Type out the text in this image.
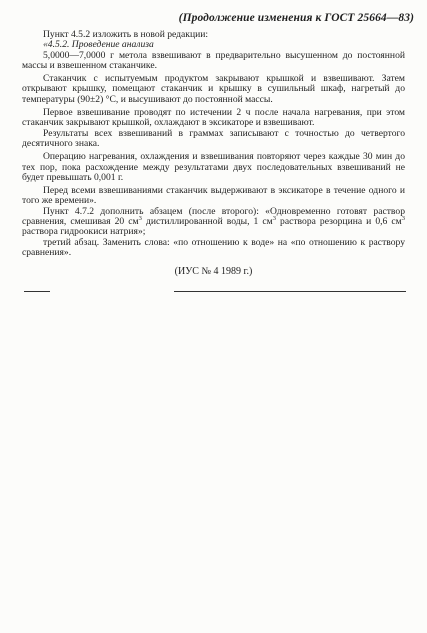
(Продолжение изменения к ГОСТ 25664—83)

Пункт 4.5.2 изложить в новой редакции:

«4.5.2. Проведение анализа

5,0000—7,0000 г метола взвешивают в предварительно высушенном до постоянной массы и взвешенном стаканчике.

Стаканчик с испытуемым продуктом закрывают крышкой и взвешивают. Затем открывают крышку, помещают стаканчик и крышку в сушильный шкаф, нагретый до температуры (90±2) °С, и высушивают до постоянной массы.

Первое взвешивание проводят по истечении 2 ч после начала нагревания, при этом стаканчик закрывают крышкой, охлаждают в эксикаторе и взвешивают.

Результаты всех взвешиваний в граммах записывают с точностью до четвертого десятичного знака.

Операцию нагревания, охлаждения и взвешивания повторяют через каждые 30 мин до тех пор, пока расхождение между результатами двух последовательных взвешиваний не будет превышать 0,001 г.

Перед всеми взвешиваниями стаканчик выдерживают в эксикаторе в течение одного и того же времени».

Пункт 4.7.2 дополнить абзацем (после второго): «Одновременно готовят раствор сравнения, смешивая 20 $см^3$ дистиллированной воды, 1 $см^3$ раствора резорцина и 0,6 $см^3$ раствора гидроокиси натрия»;

третий абзац. Заменить слова: «по отношению к воде» на «по отношению к раствору сравнения».

(ИУС № 4 1989 г.)
